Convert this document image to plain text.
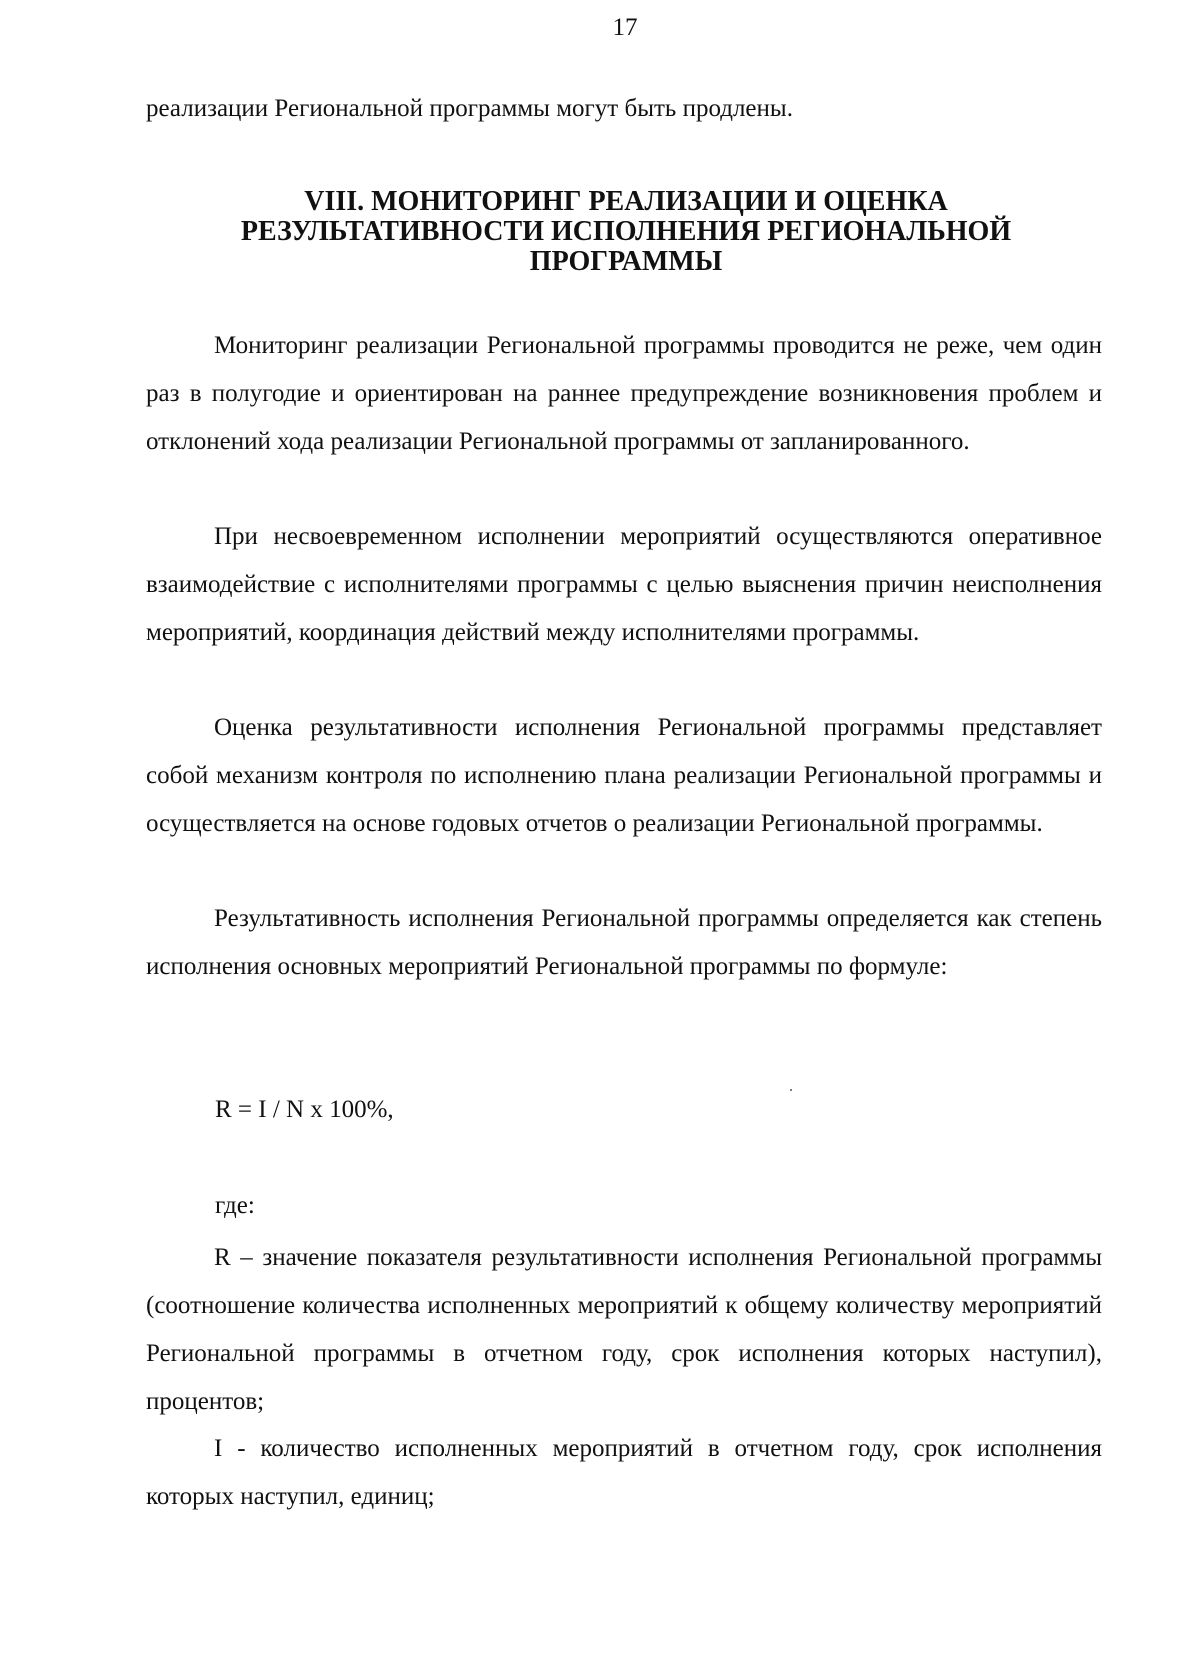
17
реализации Региональной программы могут быть продлены.
VIII. МОНИТОРИНГ РЕАЛИЗАЦИИ И ОЦЕНКА
РЕЗУЛЬТАТИВНОСТИ ИСПОЛНЕНИЯ РЕГИОНАЛЬНОЙ
ПРОГРАММЫ

Мониторинг реализации Региональной программы проводится не реже, чем один раз в полугодие и ориентирован на раннее предупреждение возникновения проблем и отклонений хода реализации Региональной программы от запланированного.

При несвоевременном исполнении мероприятий осуществляются оперативное взаимодействие с исполнителями программы с целью выяснения причин неисполнения мероприятий, координация действий между исполнителями программы.

Оценка результативности исполнения Региональной программы представляет собой механизм контроля по исполнению плана реализации Региональной программы и осуществляется на основе годовых отчетов о реализации Региональной программы.

Результативность исполнения Региональной программы определяется как степень исполнения основных мероприятий Региональной программы по формуле:

R = I / N x 100%,
где:

R – значение показателя результативности исполнения Региональной программы (соотношение количества исполненных мероприятий к общему количеству мероприятий Региональной программы в отчетном году, срок исполнения которых наступил), процентов;

I - количество исполненных мероприятий в отчетном году, срок исполнения которых наступил, единиц;
